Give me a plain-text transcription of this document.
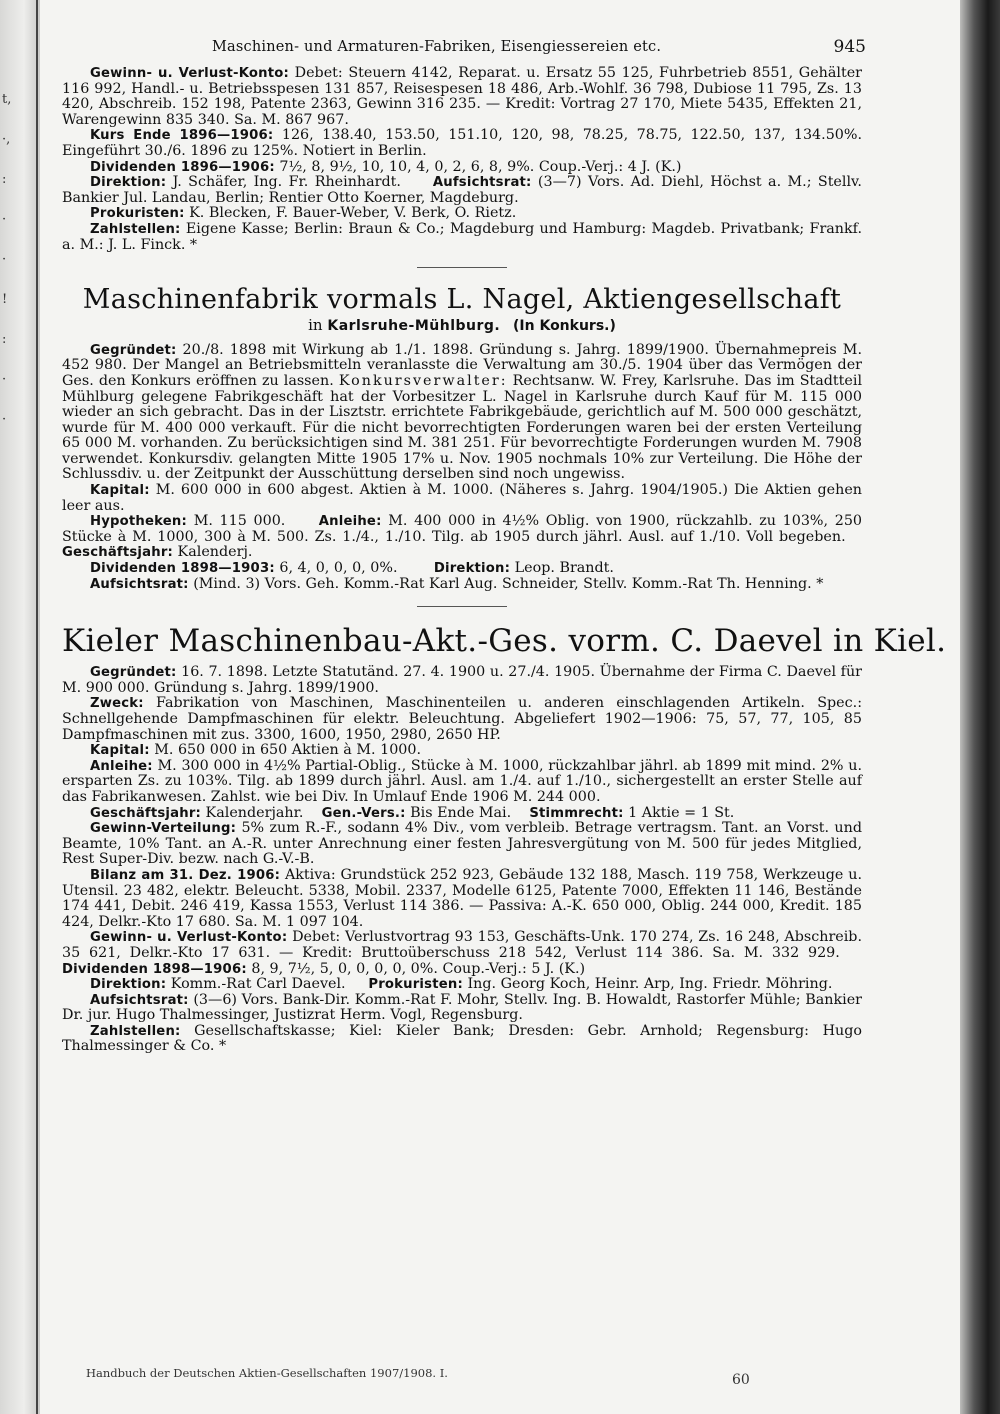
t,
·,
:
·
·
!
:
·
·
Maschinen- und Armaturen-Fabriken, Eisengiessereien etc.	945

Gewinn- u. Verlust-Konto: Debet: Steuern 4142, Reparat. u. Ersatz 55 125, Fuhrbetrieb 8551, Gehälter 116 992, Handl.- u. Betriebsspesen 131 857, Reisespesen 18 486, Arb.-Wohlf. 36 798, Dubiose 11 795, Zs. 13 420, Abschreib. 152 198, Patente 2363, Gewinn 316 235. — Kredit: Vortrag 27 170, Miete 5435, Effekten 21, Warengewinn 835 340. Sa. M. 867 967.

Kurs Ende 1896—1906: 126, 138.40, 153.50, 151.10, 120, 98, 78.25, 78.75, 122.50, 137, 134.50%. Eingeführt 30./6. 1896 zu 125%. Notiert in Berlin.

Dividenden 1896—1906: 7½, 8, 9½, 10, 10, 4, 0, 2, 6, 8, 9%. Coup.-Verj.: 4 J. (K.)

Direktion: J. Schäfer, Ing. Fr. Rheinhardt. Aufsichtsrat: (3—7) Vors. Ad. Diehl, Höchst a. M.; Stellv. Bankier Jul. Landau, Berlin; Rentier Otto Koerner, Magdeburg.

Prokuristen: K. Blecken, F. Bauer-Weber, V. Berk, O. Rietz.

Zahlstellen: Eigene Kasse; Berlin: Braun & Co.; Magdeburg und Hamburg: Magdeb. Privatbank; Frankf. a. M.: J. L. Finck. *

Maschinenfabrik vormals L. Nagel, Aktiengesellschaft
in Karlsruhe-Mühlburg. (In Konkurs.)

Gegründet: 20./8. 1898 mit Wirkung ab 1./1. 1898. Gründung s. Jahrg. 1899/1900. Übernahmepreis M. 452 980. Der Mangel an Betriebsmitteln veranlasste die Verwaltung am 30./5. 1904 über das Vermögen der Ges. den Konkurs eröffnen zu lassen. Konkursverwalter: Rechtsanw. W. Frey, Karlsruhe. Das im Stadtteil Mühlburg gelegene Fabrikgeschäft hat der Vorbesitzer L. Nagel in Karlsruhe durch Kauf für M. 115 000 wieder an sich gebracht. Das in der Lisztstr. errichtete Fabrikgebäude, gerichtlich auf M. 500 000 geschätzt, wurde für M. 400 000 verkauft. Für die nicht bevorrechtigten Forderungen waren bei der ersten Verteilung 65 000 M. vorhanden. Zu berücksichtigen sind M. 381 251. Für bevorrechtigte Forderungen wurden M. 7908 verwendet. Konkursdiv. gelangten Mitte 1905 17% u. Nov. 1905 nochmals 10% zur Verteilung. Die Höhe der Schlussdiv. u. der Zeitpunkt der Ausschüttung derselben sind noch ungewiss.

Kapital: M. 600 000 in 600 abgest. Aktien à M. 1000. (Näheres s. Jahrg. 1904/1905.) Die Aktien gehen leer aus.

Hypotheken: M. 115 000.	Anleihe: M. 400 000 in 4½% Oblig. von 1900, rückzahlb. zu 103%, 250 Stücke à M. 1000, 300 à M. 500. Zs. 1./4., 1./10. Tilg. ab 1905 durch jährl. Ausl. auf 1./10. Voll begeben.    Geschäftsjahr: Kalenderj.

Dividenden 1898—1903: 6, 4, 0, 0, 0, 0%.	Direktion: Leop. Brandt.

Aufsichtsrat: (Mind. 3) Vors. Geh. Komm.-Rat Karl Aug. Schneider, Stellv. Komm.-Rat Th. Henning. *

Kieler Maschinenbau-Akt.-Ges. vorm. C. Daevel in Kiel.

Gegründet: 16. 7. 1898. Letzte Statutänd. 27. 4. 1900 u. 27./4. 1905. Übernahme der Firma C. Daevel für M. 900 000. Gründung s. Jahrg. 1899/1900.

Zweck: Fabrikation von Maschinen, Maschinenteilen u. anderen einschlagenden Artikeln. Spec.: Schnellgehende Dampfmaschinen für elektr. Beleuchtung. Abgeliefert 1902—1906: 75, 57, 77, 105, 85 Dampfmaschinen mit zus. 3300, 1600, 1950, 2980, 2650 HP.

Kapital: M. 650 000 in 650 Aktien à M. 1000.

Anleihe: M. 300 000 in 4½% Partial-Oblig., Stücke à M. 1000, rückzahlbar jährl. ab 1899 mit mind. 2% u. ersparten Zs. zu 103%. Tilg. ab 1899 durch jährl. Ausl. am 1./4. auf 1./10., sichergestellt an erster Stelle auf das Fabrikanwesen. Zahlst. wie bei Div. In Umlauf Ende 1906 M. 244 000.

Geschäftsjahr: Kalenderjahr. Gen.-Vers.: Bis Ende Mai. Stimmrecht: 1 Aktie = 1 St.

Gewinn-Verteilung: 5% zum R.-F., sodann 4% Div., vom verbleib. Betrage vertragsm. Tant. an Vorst. und Beamte, 10% Tant. an A.-R. unter Anrechnung einer festen Jahresvergütung von M. 500 für jedes Mitglied, Rest Super-Div. bezw. nach G.-V.-B.

Bilanz am 31. Dez. 1906: Aktiva: Grundstück 252 923, Gebäude 132 188, Masch. 119 758, Werkzeuge u. Utensil. 23 482, elektr. Beleucht. 5338, Mobil. 2337, Modelle 6125, Patente 7000, Effekten 11 146, Bestände 174 441, Debit. 246 419, Kassa 1553, Verlust 114 386. — Passiva: A.-K. 650 000, Oblig. 244 000, Kredit. 185 424, Delkr.-Kto 17 680. Sa. M. 1 097 104.

Gewinn- u. Verlust-Konto: Debet: Verlustvortrag 93 153, Geschäfts-Unk. 170 274, Zs. 16 248, Abschreib. 35 621, Delkr.-Kto 17 631. — Kredit: Bruttoüberschuss 218 542, Verlust 114 386. Sa. M. 332 929.    Dividenden 1898—1906: 8, 9, 7½, 5, 0, 0, 0, 0, 0%. Coup.-Verj.: 5 J. (K.)

Direktion: Komm.-Rat Carl Daevel. Prokuristen: Ing. Georg Koch, Heinr. Arp, Ing. Friedr. Möhring.

Aufsichtsrat: (3—6) Vors. Bank-Dir. Komm.-Rat F. Mohr, Stellv. Ing. B. Howaldt, Rastorfer Mühle; Bankier Dr. jur. Hugo Thalmessinger, Justizrat Herm. Vogl, Regensburg.

Zahlstellen: Gesellschaftskasse; Kiel: Kieler Bank; Dresden: Gebr. Arnhold; Regensburg: Hugo Thalmessinger & Co. *

Handbuch der Deutschen Aktien-Gesellschaften 1907/1908. I.	60
